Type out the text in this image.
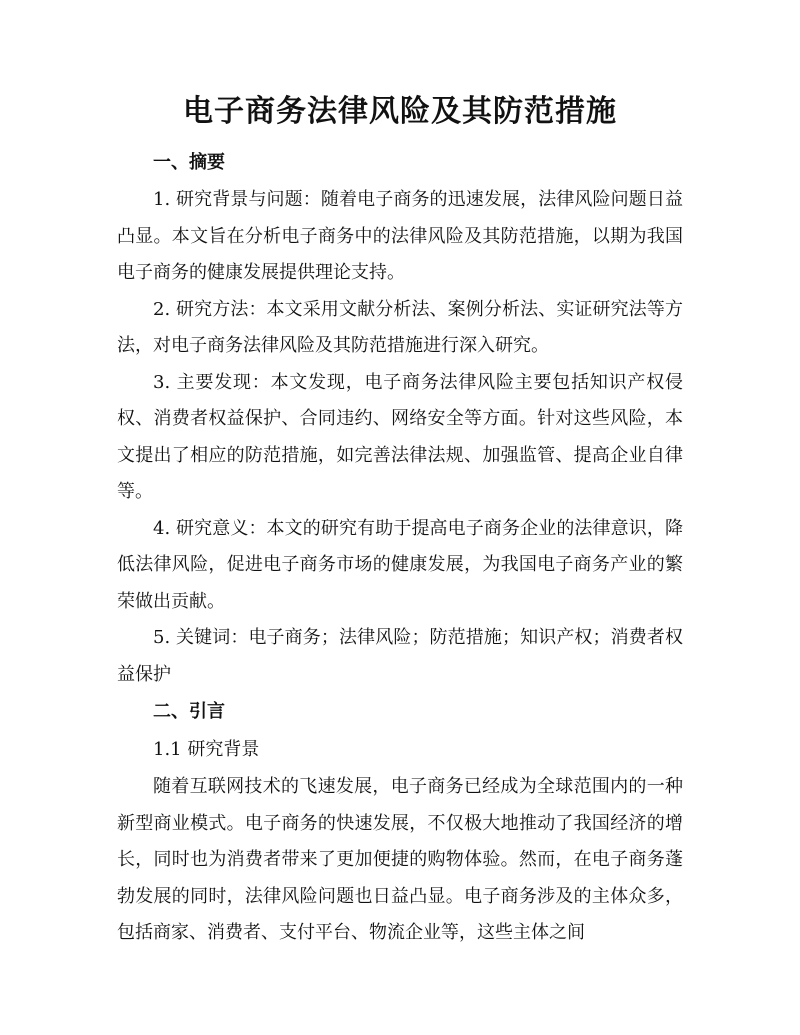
电子商务法律风险及其防范措施
一、摘要

1. 研究背景与问题：随着电子商务的迅速发展，法律风险问题日益凸显。本文旨在分析电子商务中的法律风险及其防范措施，以期为我国电子商务的健康发展提供理论支持。

2. 研究方法：本文采用文献分析法、案例分析法、实证研究法等方法，对电子商务法律风险及其防范措施进行深入研究。

3. 主要发现：本文发现，电子商务法律风险主要包括知识产权侵权、消费者权益保护、合同违约、网络安全等方面。针对这些风险，本文提出了相应的防范措施，如完善法律法规、加强监管、提高企业自律等。

4. 研究意义：本文的研究有助于提高电子商务企业的法律意识，降低法律风险，促进电子商务市场的健康发展，为我国电子商务产业的繁荣做出贡献。

5. 关键词：电子商务；法律风险；防范措施；知识产权；消费者权益保护

二、引言
1.1 研究背景

随着互联网技术的飞速发展，电子商务已经成为全球范围内的一种新型商业模式。电子商务的快速发展，不仅极大地推动了我国经济的增长，同时也为消费者带来了更加便捷的购物体验。然而，在电子商务蓬勃发展的同时，法律风险问题也日益凸显。电子商务涉及的主体众多，包括商家、消费者、支付平台、物流企业等，这些主体之间
